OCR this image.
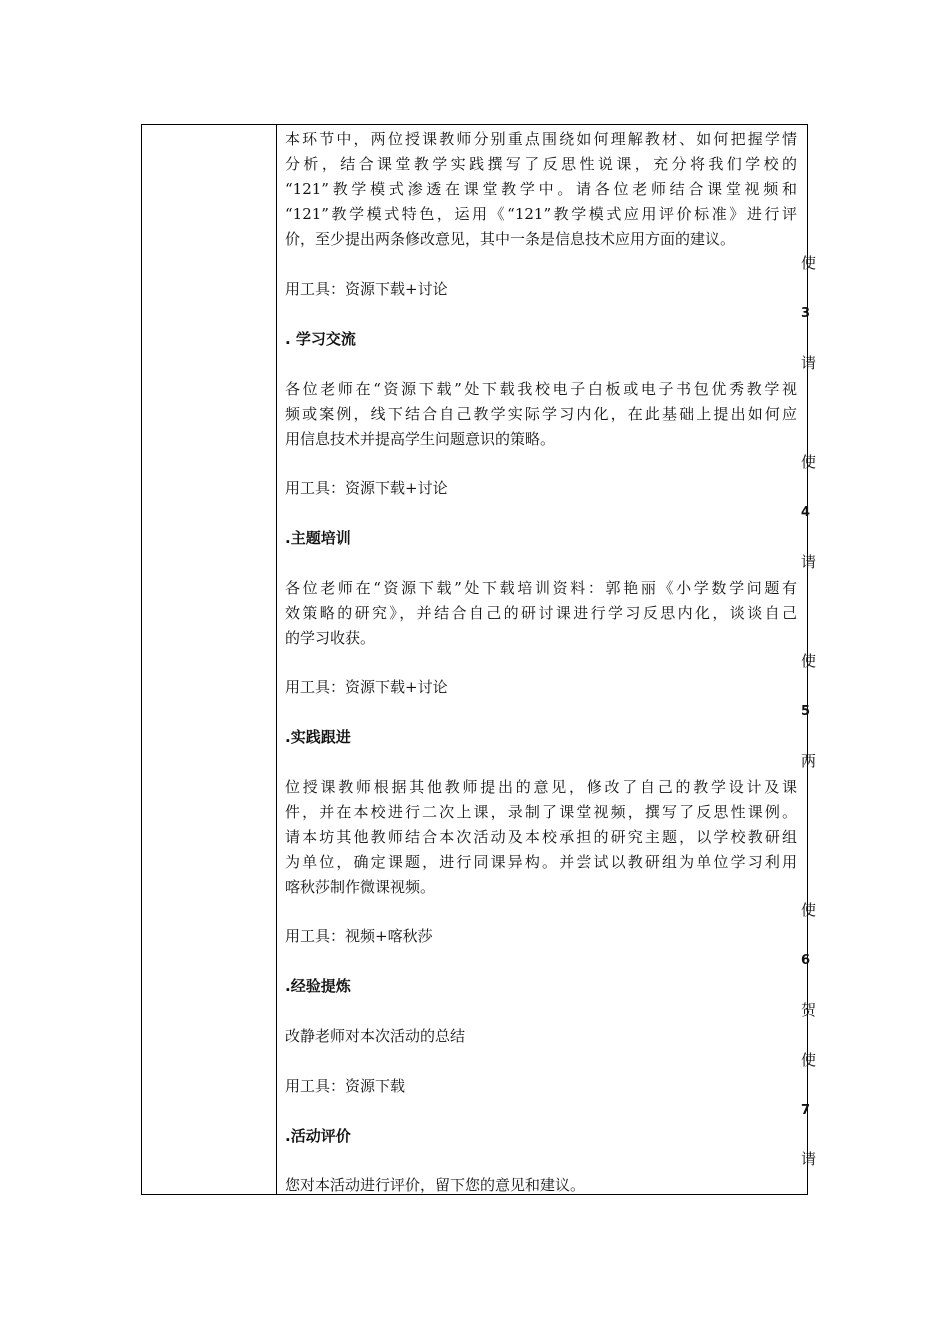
本环节中，两位授课教师分别重点围绕如何理解教材、如何把握学情
分析，结合课堂教学实践撰写了反思性说课，充分将我们学校的
“121”教学模式渗透在课堂教学中。请各位老师结合课堂视频和
“121”教学模式特色，运用《“121”教学模式应用评价标准》进行评
价，至少提出两条修改意见，其中一条是信息技术应用方面的建议。
用工具：资源下载+讨论
. 学习交流
各位老师在“资源下载”处下载我校电子白板或电子书包优秀教学视
频或案例，线下结合自己教学实际学习内化，在此基础上提出如何应
用信息技术并提高学生问题意识的策略。
用工具：资源下载+讨论
.主题培训
各位老师在“资源下载”处下载培训资料：郭艳丽《小学数学问题有
效策略的研究》，并结合自己的研讨课进行学习反思内化，谈谈自己
的学习收获。
用工具：资源下载+讨论
.实践跟进
位授课教师根据其他教师提出的意见，修改了自己的教学设计及课
件，并在本校进行二次上课，录制了课堂视频，撰写了反思性课例。
请本坊其他教师结合本次活动及本校承担的研究主题，以学校教研组
为单位，确定课题，进行同课异构。并尝试以教研组为单位学习利用
喀秋莎制作微课视频。
用工具：视频+喀秋莎
.经验提炼
改静老师对本次活动的总结
用工具：资源下载
.活动评价
您对本活动进行评价，留下您的意见和建议。
使
3
请
使
4
请
使
5
两
使
6
贺
使
7
请
